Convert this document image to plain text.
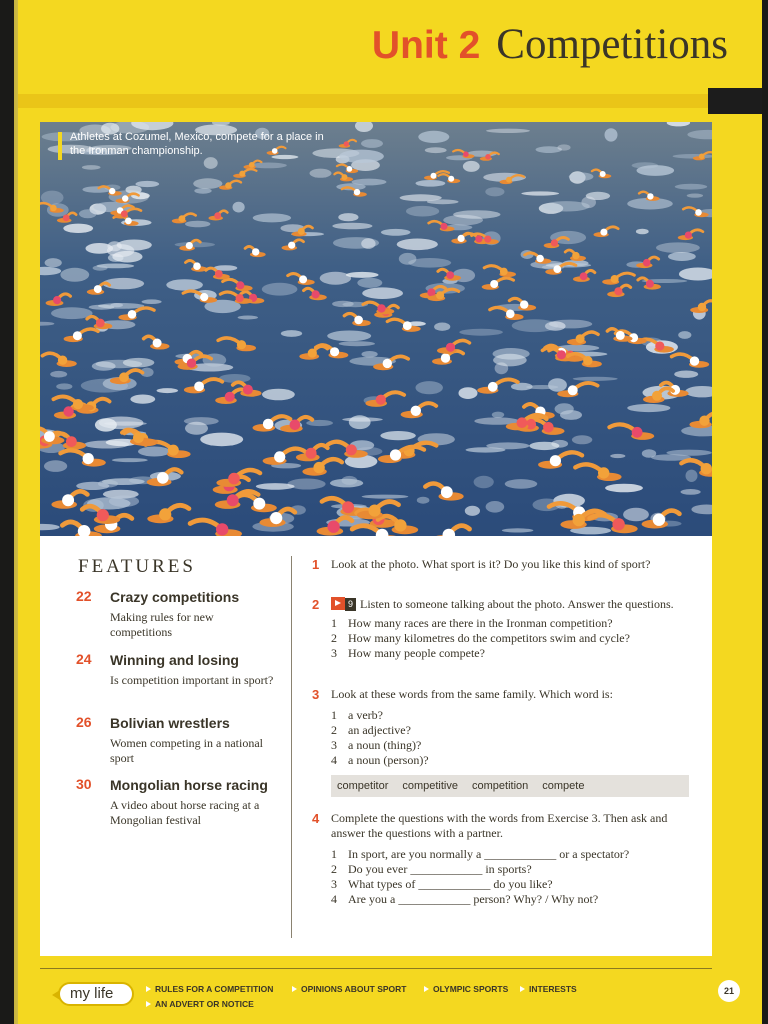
Unit 2 Competitions
Athletes at Cozumel, Mexico, compete for a place in the Ironman championship.
FEATURES
22 Crazy competitions
Making rules for new competitions
24 Winning and losing
Is competition important in sport?
26 Bolivian wrestlers
Women competing in a national sport
30 Mongolian horse racing
A video about horse racing at a Mongolian festival
1 Look at the photo. What sport is it? Do you like this kind of sport?
2	9 Listen to someone talking about the photo. Answer the questions.
1 How many races are there in the Ironman competition?
2 How many kilometres do the competitors swim and cycle?
3 How many people compete?
3 Look at these words from the same family. Which word is:
1 a verb?
2 an adjective?
3 a noun (thing)?
4 a noun (person)?
competitor competitive competition compete
4 Complete the questions with the words from Exercise 3. Then ask and answer the questions with a partner.
1 In sport, are you normally a ____________ or a spectator?
2 Do you ever ____________ in sports?
3 What types of ____________ do you like?
4 Are you a ____________ person? Why? / Why not?
my life	RULES FOR A COMPETITION	OPINIONS ABOUT SPORT	OLYMPIC SPORTS	INTERESTS
AN ADVERT OR NOTICE
21
